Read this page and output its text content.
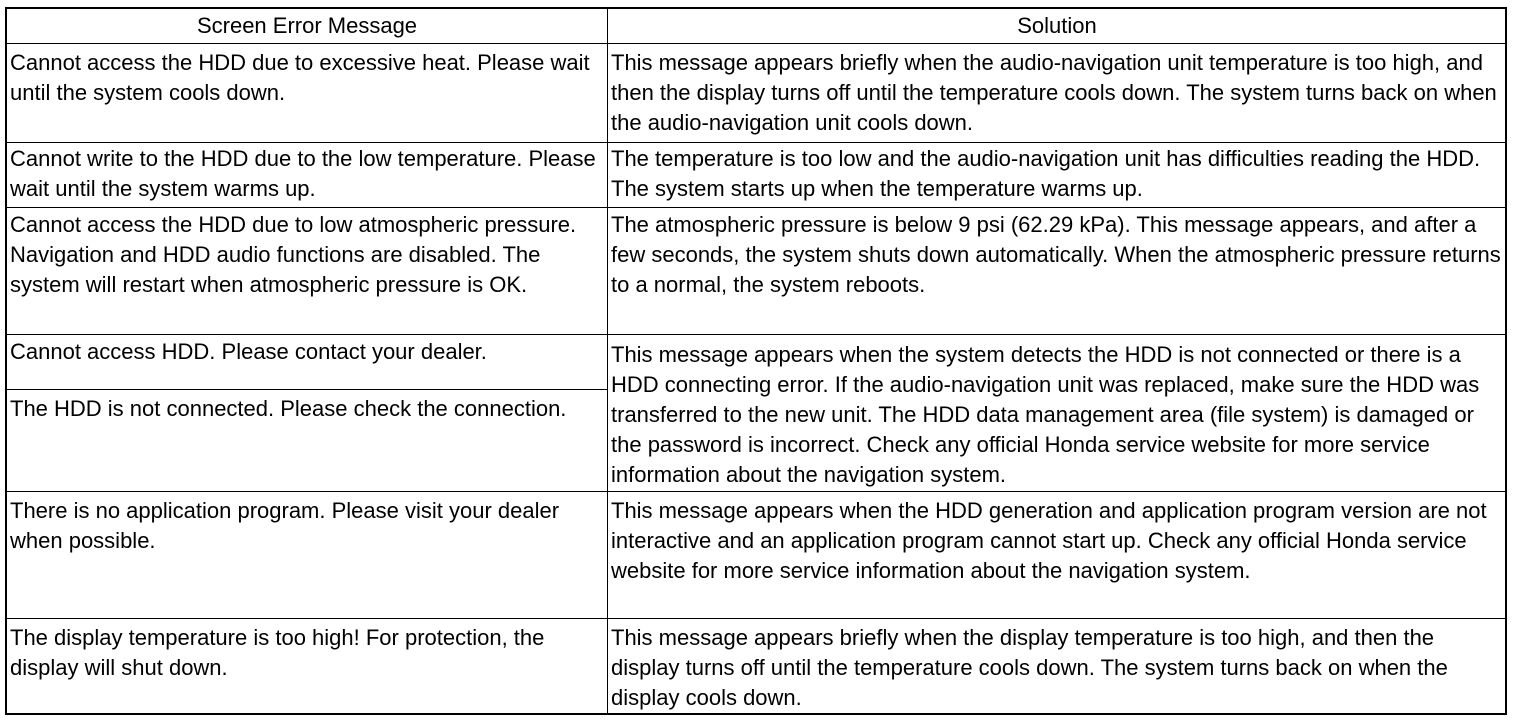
Screen Error Message	Solution
Cannot access the HDD due to excessive heat. Please wait until the system cools down.
This message appears briefly when the audio-navigation unit temperature is too high, and then the display turns off until the temperature cools down. The system turns back on when the audio-navigation unit cools down.
Cannot write to the HDD due to the low temperature. Please wait until the system warms up.
The temperature is too low and the audio-navigation unit has difficulties reading the HDD. The system starts up when the temperature warms up.
Cannot access the HDD due to low atmospheric pressure. Navigation and HDD audio functions are disabled. The system will restart when atmospheric pressure is OK.
The atmospheric pressure is below 9 psi (62.29 kPa). This message appears, and after a few seconds, the system shuts down automatically. When the atmospheric pressure returns to a normal, the system reboots.
Cannot access HDD. Please contact your dealer.
The HDD is not connected. Please check the connection.
This message appears when the system detects the HDD is not connected or there is a HDD connecting error. If the audio-navigation unit was replaced, make sure the HDD was transferred to the new unit. The HDD data management area (file system) is damaged or the password is incorrect. Check any official Honda service website for more service information about the navigation system.
There is no application program. Please visit your dealer when possible.
This message appears when the HDD generation and application program version are not interactive and an application program cannot start up. Check any official Honda service website for more service information about the navigation system.
The display temperature is too high! For protection, the display will shut down.
This message appears briefly when the display temperature is too high, and then the display turns off until the temperature cools down. The system turns back on when the display cools down.
